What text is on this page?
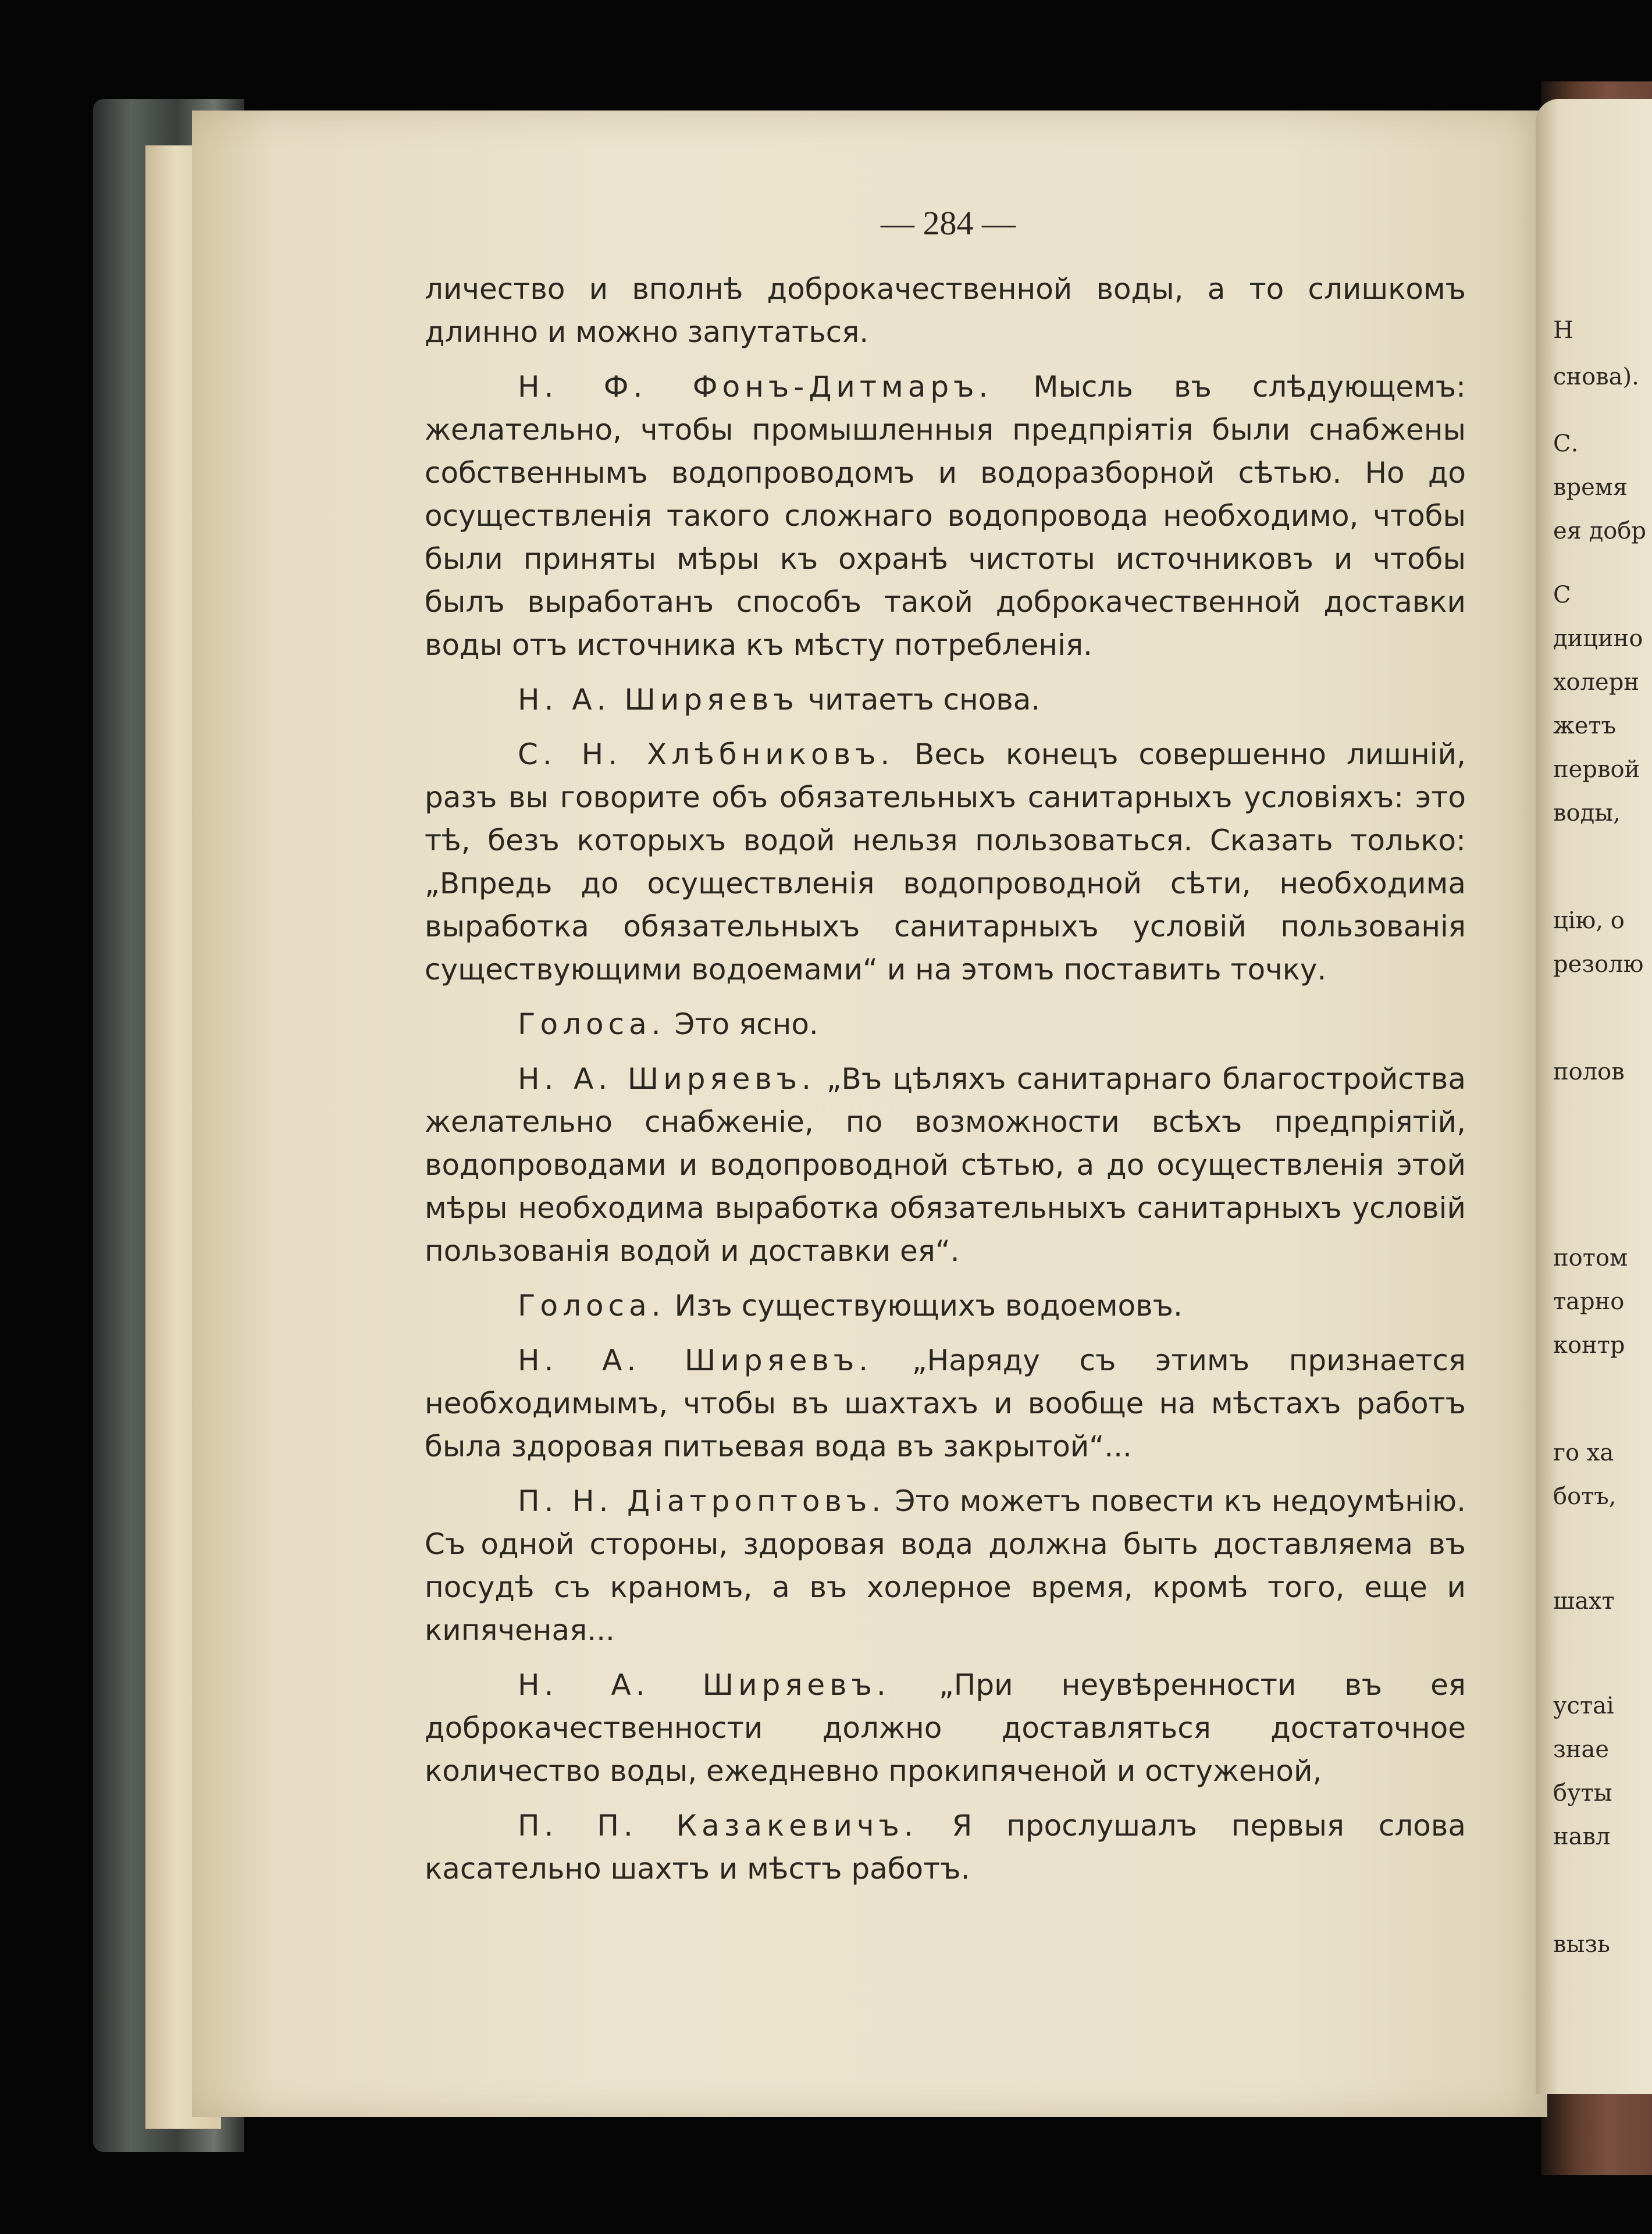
— 284 —

личество и вполнѣ доброкачественной воды, а то слишкомъ длинно и можно запутаться.

Н. Ф. Фонъ-Дитмаръ. Мысль въ слѣдующемъ: желательно, чтобы промышленныя предпріятія были снабжены собственнымъ водопроводомъ и водоразборной сѣтью. Но до осуществленія такого сложнаго водопровода необходимо, чтобы были приняты мѣры къ охранѣ чистоты источниковъ и чтобы былъ выработанъ способъ такой доброкачественной доставки воды отъ источника къ мѣсту потребленія.

Н. А. Ширяевъ читаетъ снова.

С. Н. Хлѣбниковъ. Весь конецъ совершенно лишній, разъ вы говорите объ обязательныхъ санитарныхъ условіяхъ: это тѣ, безъ которыхъ водой нельзя пользоваться. Сказать только: „Впредь до осуществленія водопроводной сѣти, необходима выработка обязательныхъ санитарныхъ условій пользованія существующими водоемами“ и на этомъ поставить точку.

Голоса. Это ясно.

Н. А. Ширяевъ. „Въ цѣляхъ санитарнаго благостройства желательно снабженіе, по возможности всѣхъ предпріятій, водопроводами и водопроводной сѣтью, а до осуществленія этой мѣры необходима выработка обязательныхъ санитарныхъ условій пользованія водой и доставки ея“.

Голоса. Изъ существующихъ водоемовъ.

Н. А. Ширяевъ. „Наряду съ этимъ признается необходимымъ, чтобы въ шахтахъ и вообще на мѣстахъ работъ была здоровая питьевая вода въ закрытой“...

П. Н. Діатроптовъ. Это можетъ повести къ недоумѣнію. Съ одной стороны, здоровая вода должна быть доставляема въ посудѣ съ краномъ, а въ холерное время, кромѣ того, еще и кипяченая...

Н. А. Ширяевъ. „При неувѣренности въ ея доброкачественности должно доставляться достаточное количество воды, ежедневно прокипяченой и остуженой,

П. П. Казакевичъ. Я прослушалъ первыя слова касательно шахтъ и мѣстъ работъ.

Н
снова).
С.
время
ея добр
С
дицино
холерн
жетъ
первой
воды,
цію, о
резолю
полов
потом
тарно
контр
го ха
ботъ,
шахт
устаі
знае
буты
навл
вызь
